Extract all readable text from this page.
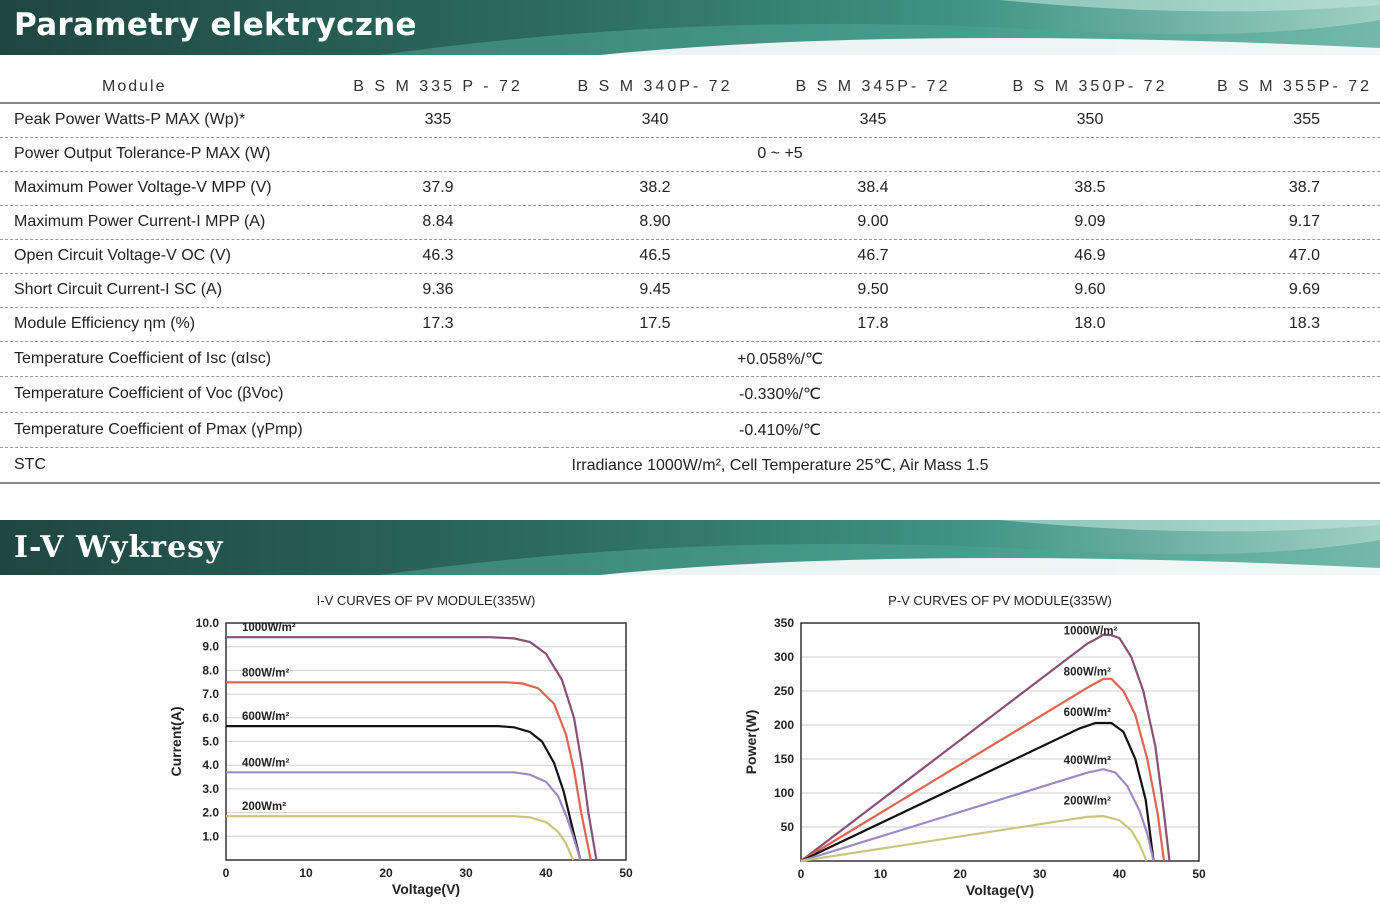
Parametry elektryczne
Module	B S M 335 P - 72	B S M 340P- 72	B S M 345P- 72	B S M 350P- 72	B S M 355P- 72
Peak Power Watts-P MAX (Wp)*	335	340	345	350	355
Power Output Tolerance-P MAX (W)	0 ~ +5				
Maximum Power Voltage-V MPP (V)	37.9	38.2	38.4	38.5	38.7
Maximum Power Current-I MPP (A)	8.84	8.90	9.00	9.09	9.17
Open Circuit Voltage-V OC (V)	46.3	46.5	46.7	46.9	47.0
Short Circuit Current-I SC (A)	9.36	9.45	9.50	9.60	9.69
Module Efficiency ηm (%)	17.3	17.5	17.8	18.0	18.3
Temperature Coefficient of Isc (αIsc)	+0.058%/℃				
Temperature Coefficient of Voc (βVoc)	-0.330%/℃				
Temperature Coefficient of Pmax (γPmp)	-0.410%/℃				
STC	Irradiance 1000W/m², Cell Temperature 25℃, Air Mass 1.5				
I-V Wykresy
I-V CURVES OF PV MODULE(335W)
1.0
2.0
3.0
4.0
5.0
6.0
7.0
8.0
9.0
10.0
0	10	20	30	40	50
Voltage(V)
Current(A)
1000W/m²
800W/m²
600W/m²
400W/m²
200Wm²
P-V CURVES OF PV MODULE(335W)
50
100
150
200
250
300
350
0	10	20	30	40	50
Voltage(V)
Power(W)
1000W/m²
800W/m²
600W/m²
400W/m²
200W/m²
